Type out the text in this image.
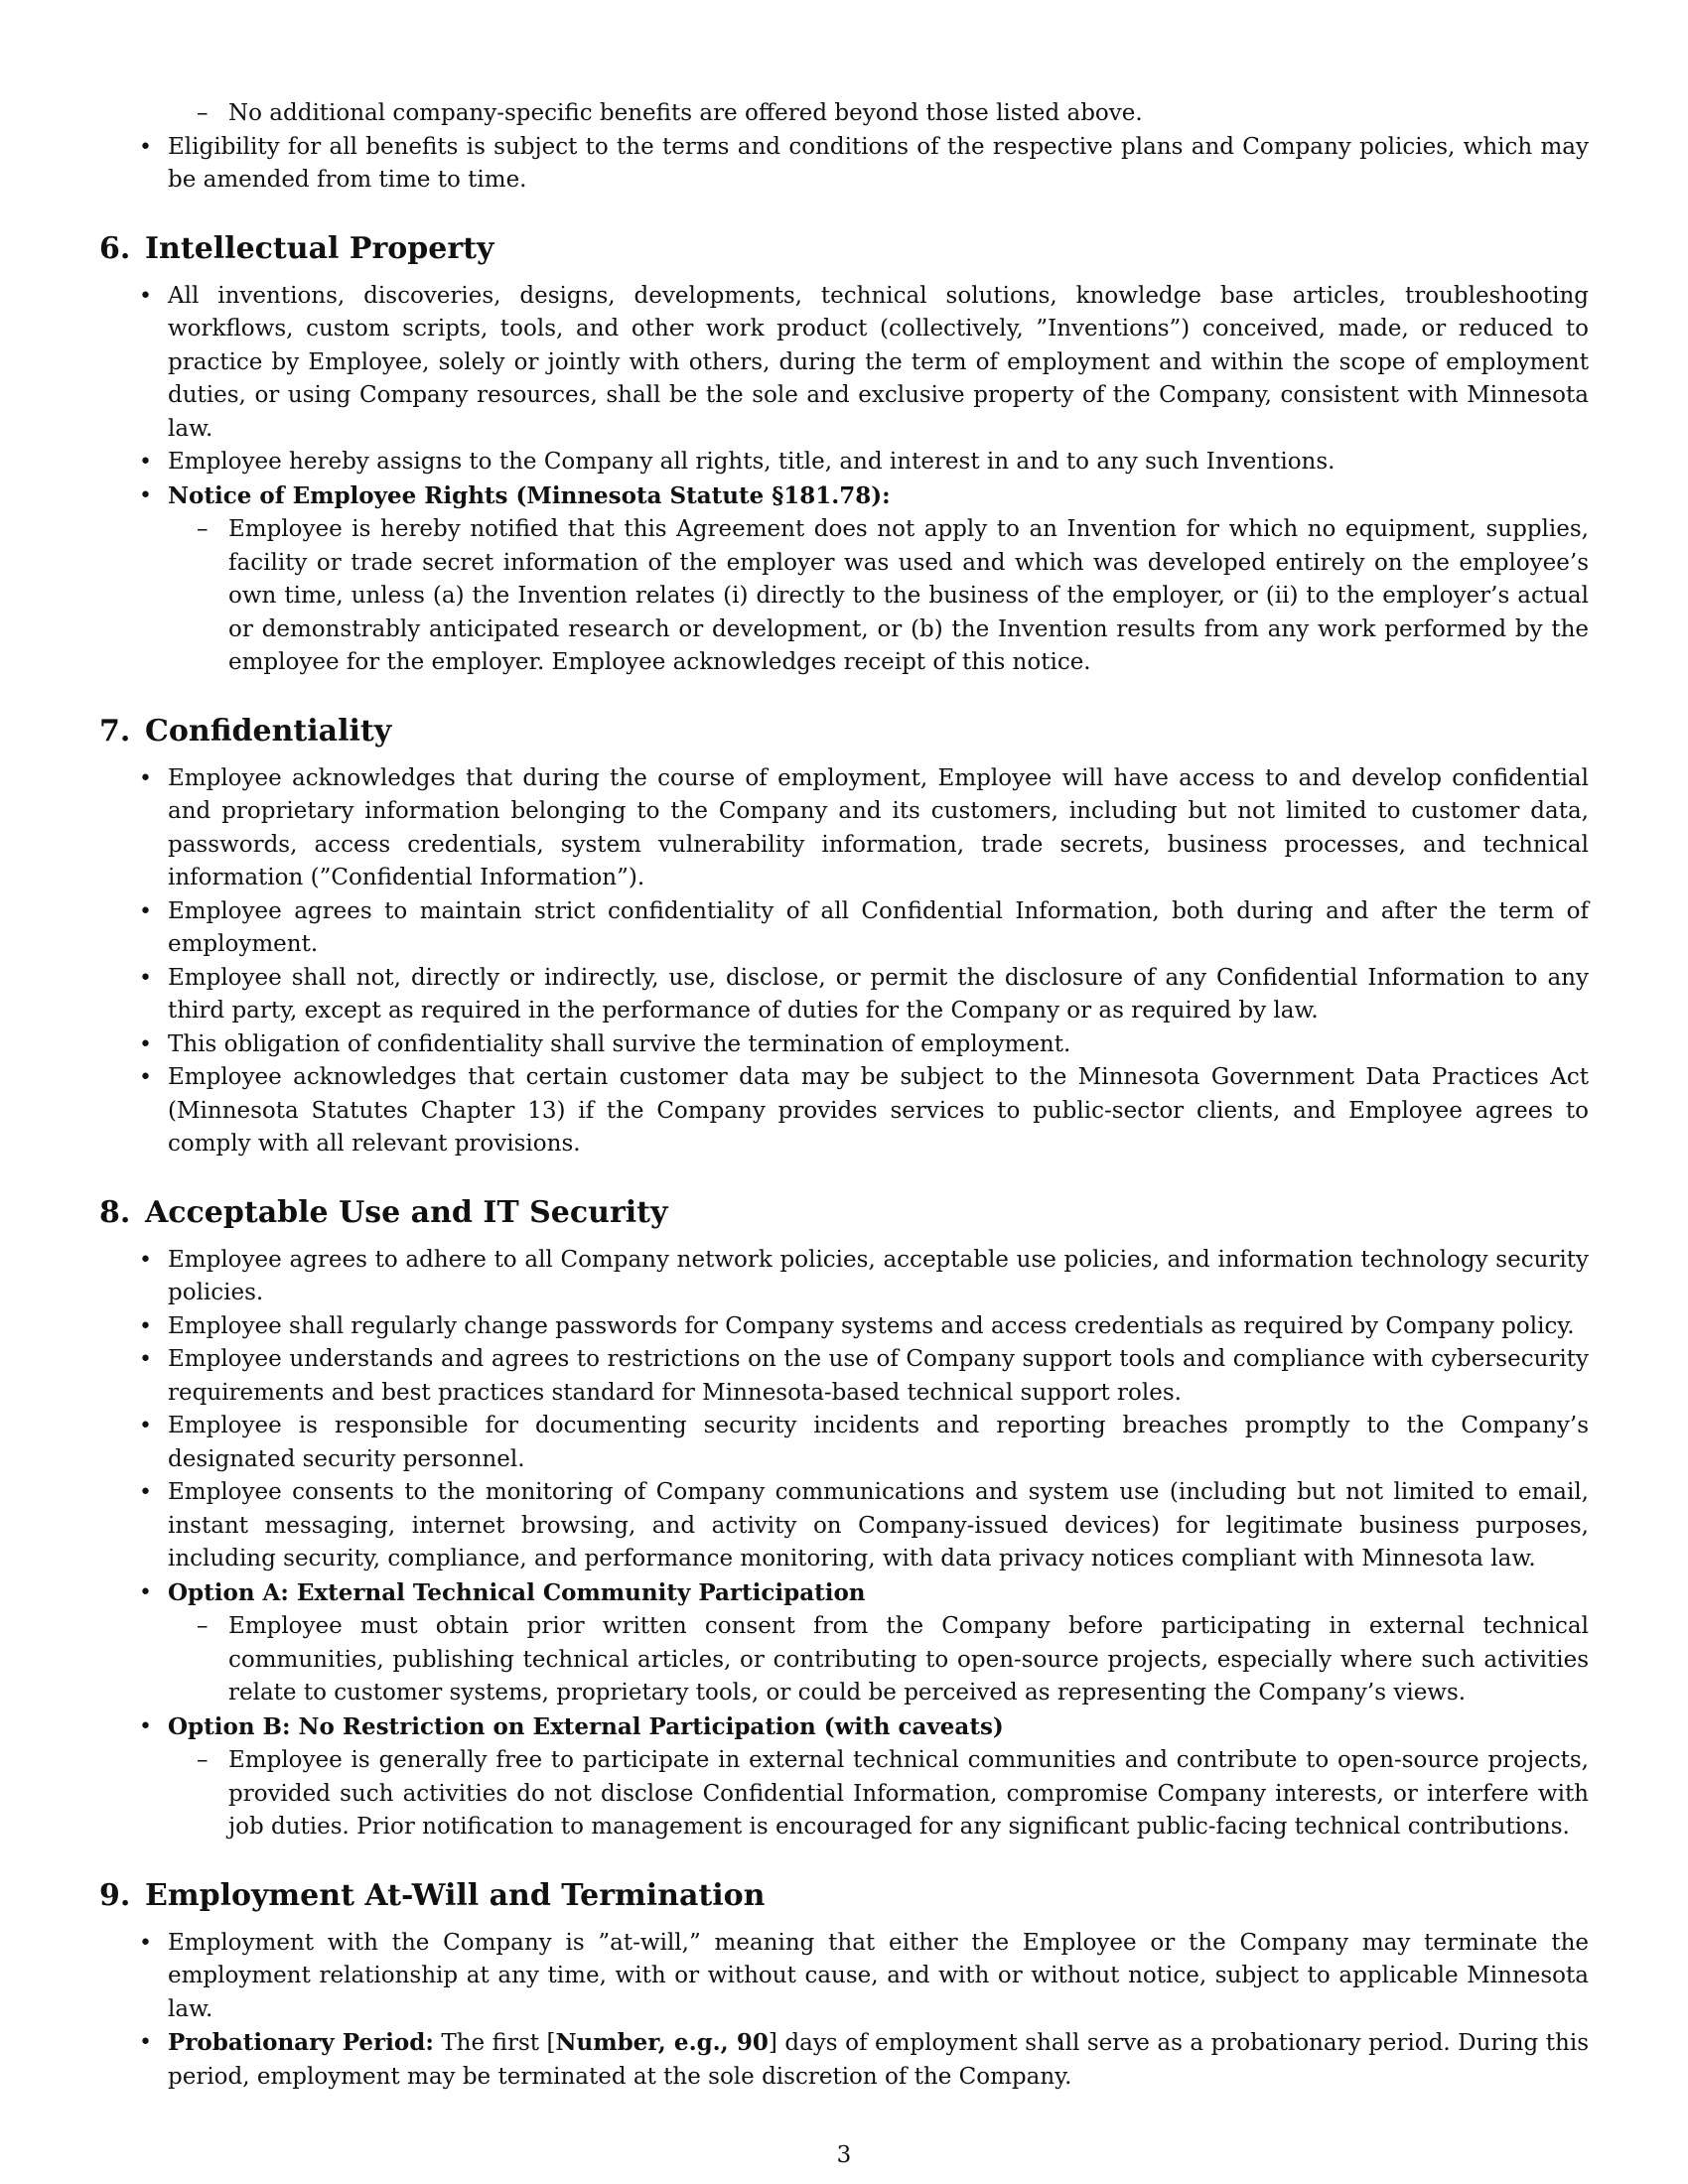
– No additional company-specific benefits are offered beyond those listed above.
• Eligibility for all benefits is subject to the terms and conditions of the respective plans and Company policies, which may be amended from time to time.
6. Intellectual Property
• All inventions, discoveries, designs, developments, technical solutions, knowledge base articles, troubleshooting workflows, custom scripts, tools, and other work product (collectively, ”Inventions”) conceived, made, or reduced to practice by Employee, solely or jointly with others, during the term of employment and within the scope of employment duties, or using Company resources, shall be the sole and exclusive property of the Company, consistent with Minnesota law.
• Employee hereby assigns to the Company all rights, title, and interest in and to any such Inventions.
• Notice of Employee Rights (Minnesota Statute §181.78):
– Employee is hereby notified that this Agreement does not apply to an Invention for which no equipment, supplies, facility or trade secret information of the employer was used and which was developed entirely on the employee’s own time, unless (a) the Invention relates (i) directly to the business of the employer, or (ii) to the employer’s actual or demonstrably anticipated research or development, or (b) the Invention results from any work performed by the employee for the employer. Employee acknowledges receipt of this notice.
7. Confidentiality
• Employee acknowledges that during the course of employment, Employee will have access to and develop confidential and proprietary information belonging to the Company and its customers, including but not limited to customer data, passwords, access credentials, system vulnerability information, trade secrets, business processes, and technical information (”Confidential Information”).
• Employee agrees to maintain strict confidentiality of all Confidential Information, both during and after the term of employment.
• Employee shall not, directly or indirectly, use, disclose, or permit the disclosure of any Confidential Information to any third party, except as required in the performance of duties for the Company or as required by law.
• This obligation of confidentiality shall survive the termination of employment.
• Employee acknowledges that certain customer data may be subject to the Minnesota Government Data Practices Act (Minnesota Statutes Chapter 13) if the Company provides services to public-sector clients, and Employee agrees to comply with all relevant provisions.
8. Acceptable Use and IT Security
• Employee agrees to adhere to all Company network policies, acceptable use policies, and information technology security policies.
• Employee shall regularly change passwords for Company systems and access credentials as required by Company policy.
• Employee understands and agrees to restrictions on the use of Company support tools and compliance with cybersecurity requirements and best practices standard for Minnesota-based technical support roles.
• Employee is responsible for documenting security incidents and reporting breaches promptly to the Company’s designated security personnel.
• Employee consents to the monitoring of Company communications and system use (including but not limited to email, instant messaging, internet browsing, and activity on Company-issued devices) for legitimate business purposes, including security, compliance, and performance monitoring, with data privacy notices compliant with Minnesota law.
• Option A: External Technical Community Participation
– Employee must obtain prior written consent from the Company before participating in external technical communities, publishing technical articles, or contributing to open-source projects, especially where such activities relate to customer systems, proprietary tools, or could be perceived as representing the Company’s views.
• Option B: No Restriction on External Participation (with caveats)
– Employee is generally free to participate in external technical communities and contribute to open-source projects, provided such activities do not disclose Confidential Information, compromise Company interests, or interfere with job duties. Prior notification to management is encouraged for any significant public-facing technical contributions.
9. Employment At-Will and Termination
• Employment with the Company is ”at-will,” meaning that either the Employee or the Company may terminate the employment relationship at any time, with or without cause, and with or without notice, subject to applicable Minnesota law.
• Probationary Period: The first [Number, e.g., 90] days of employment shall serve as a probationary period. During this period, employment may be terminated at the sole discretion of the Company.
3
